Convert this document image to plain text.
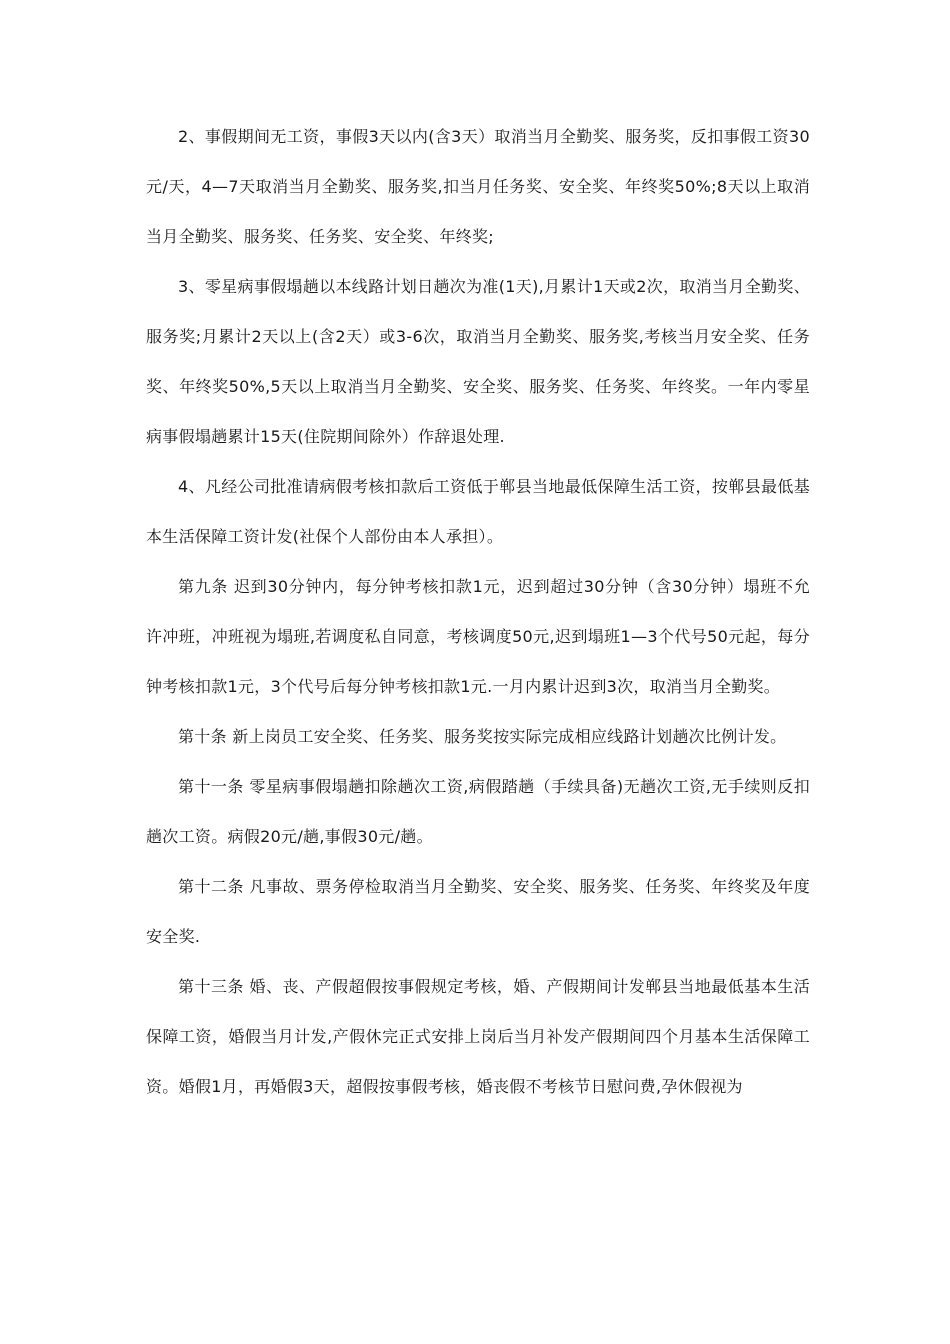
2、事假期间无工资，事假3天以内(含3天）取消当月全勤奖、服务奖，反扣事假工资30元/天，4—7天取消当月全勤奖、服务奖,扣当月任务奖、安全奖、年终奖50%;8天以上取消当月全勤奖、服务奖、任务奖、安全奖、年终奖;

3、零星病事假塌趟以本线路计划日趟次为准(1天),月累计1天或2次，取消当月全勤奖、服务奖;月累计2天以上(含2天）或3-6次，取消当月全勤奖、服务奖,考核当月安全奖、任务奖、年终奖50%,5天以上取消当月全勤奖、安全奖、服务奖、任务奖、年终奖。一年内零星病事假塌趟累计15天(住院期间除外）作辞退处理.

4、凡经公司批准请病假考核扣款后工资低于郸县当地最低保障生活工资，按郸县最低基本生活保障工资计发(社保个人部份由本人承担）。

第九条 迟到30分钟内，每分钟考核扣款1元，迟到超过30分钟（含30分钟）塌班不允许冲班，冲班视为塌班,若调度私自同意，考核调度50元,迟到塌班1—3个代号50元起，每分钟考核扣款1元，3个代号后每分钟考核扣款1元.一月内累计迟到3次，取消当月全勤奖。

第十条 新上岗员工安全奖、任务奖、服务奖按实际完成相应线路计划趟次比例计发。

第十一条 零星病事假塌趟扣除趟次工资,病假踏趟（手续具备)无趟次工资,无手续则反扣趟次工资。病假20元/趟,事假30元/趟。

第十二条 凡事故、票务停检取消当月全勤奖、安全奖、服务奖、任务奖、年终奖及年度安全奖.

第十三条 婚、丧、产假超假按事假规定考核，婚、产假期间计发郸县当地最低基本生活保障工资，婚假当月计发,产假休完正式安排上岗后当月补发产假期间四个月基本生活保障工资。婚假1月，再婚假3天，超假按事假考核，婚丧假不考核节日慰问费,孕休假视为
